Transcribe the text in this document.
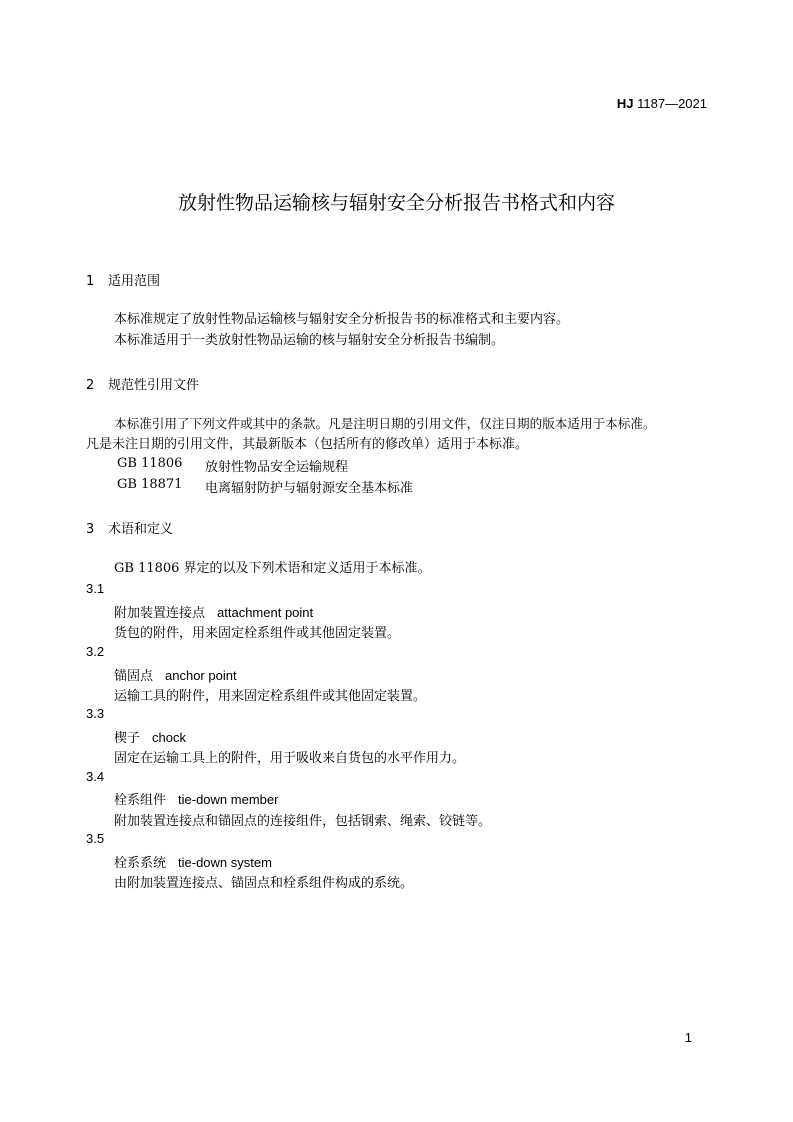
HJ 1187—2021
放射性物品运输核与辐射安全分析报告书格式和内容
1 适用范围
本标准规定了放射性物品运输核与辐射安全分析报告书的标准格式和主要内容。
本标准适用于一类放射性物品运输的核与辐射安全分析报告书编制。
2 规范性引用文件
本标准引用了下列文件或其中的条款。凡是注明日期的引用文件，仅注日期的版本适用于本标准。
凡是未注日期的引用文件，其最新版本（包括所有的修改单）适用于本标准。
GB 11806 放射性物品安全运输规程
GB 18871 电离辐射防护与辐射源安全基本标准
3 术语和定义
GB 11806 界定的以及下列术语和定义适用于本标准。
3.1
附加装置连接点 attachment point
货包的附件，用来固定栓系组件或其他固定装置。
3.2
锚固点 anchor point
运输工具的附件，用来固定栓系组件或其他固定装置。
3.3
楔子 chock
固定在运输工具上的附件，用于吸收来自货包的水平作用力。
3.4
栓系组件 tie-down member
附加装置连接点和锚固点的连接组件，包括钢索、绳索、铰链等。
3.5
栓系系统 tie-down system
由附加装置连接点、锚固点和栓系组件构成的系统。
1
